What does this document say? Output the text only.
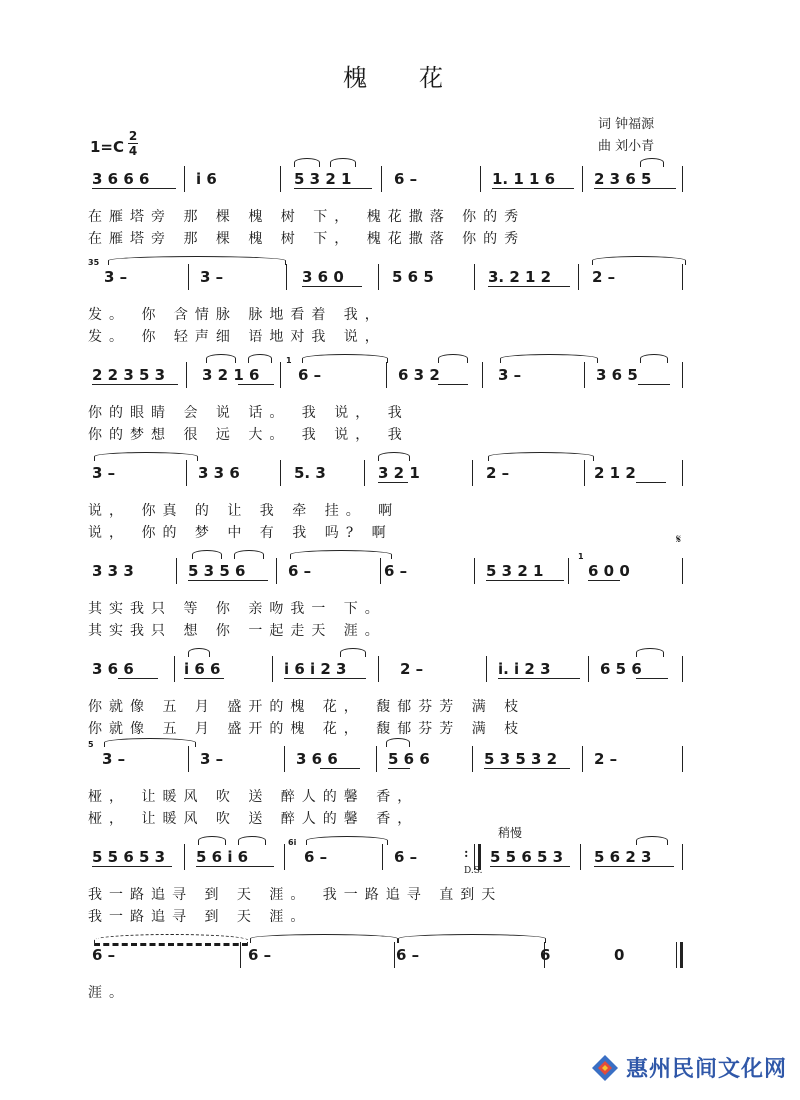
槐　花
词 钟福源
曲 刘小青
1=C
2
4
3 6 6 6	i 6	5 3 2 1	6 –	1. 1 1 6	2 3 6 5
在雁塔旁 那 棵 槐 树 下， 槐花撒落 你的秀
在雁塔旁 那 棵 槐 树 下， 槐花撒落 你的秀
35
3 –	3 –	3 6 0	5 6 5	3. 2 1 2	2 –
发。 你 含情脉 脉地看着 我，
发。 你 轻声细 语地对我 说，
2 2 3 5 3 3 2 1 6
1
6 –	6 3 2	3 –	3 6 5
你的眼睛 会 说 话。 我 说， 我
你的梦想 很 远 大。 我 说， 我
3 –	3 3 6	5. 3	3 2 1	2 –	2 1 2
说， 你真 的 让 我 牵 挂。 啊
说， 你的 梦 中 有 我 吗? 啊
3 3 3	5 3 5 6	6 –	6 –	5 3 2 1
1
6 0 0
𝄋
其实我只 等 你 亲吻我一 下。
其实我只 想 你 一起走天 涯。
3 6 6	i 6 6	i 6 i 2 3	2 –	i. i 2 3	6 5 6
你就像 五 月 盛开的槐 花， 馥郁芬芳 满 枝
你就像 五 月 盛开的槐 花， 馥郁芬芳 满 枝
5
3 –	3 –	3 6 6	5 6 6	5 3 5 3 2 2 –
桠， 让暖风 吹 送 醉人的馨 香，
桠， 让暖风 吹 送 醉人的馨 香，
稍慢
5 5 6 5 3 5 6 i 6
6i
6 –	6 –	:
D.S.
5 5 6 5 3 5 6 2 3
我一路追寻 到 天 涯。 我一路追寻 直到天
我一路追寻 到 天 涯。
6 –	6 –	6 –	6	0
涯。
惠州民间文化网
